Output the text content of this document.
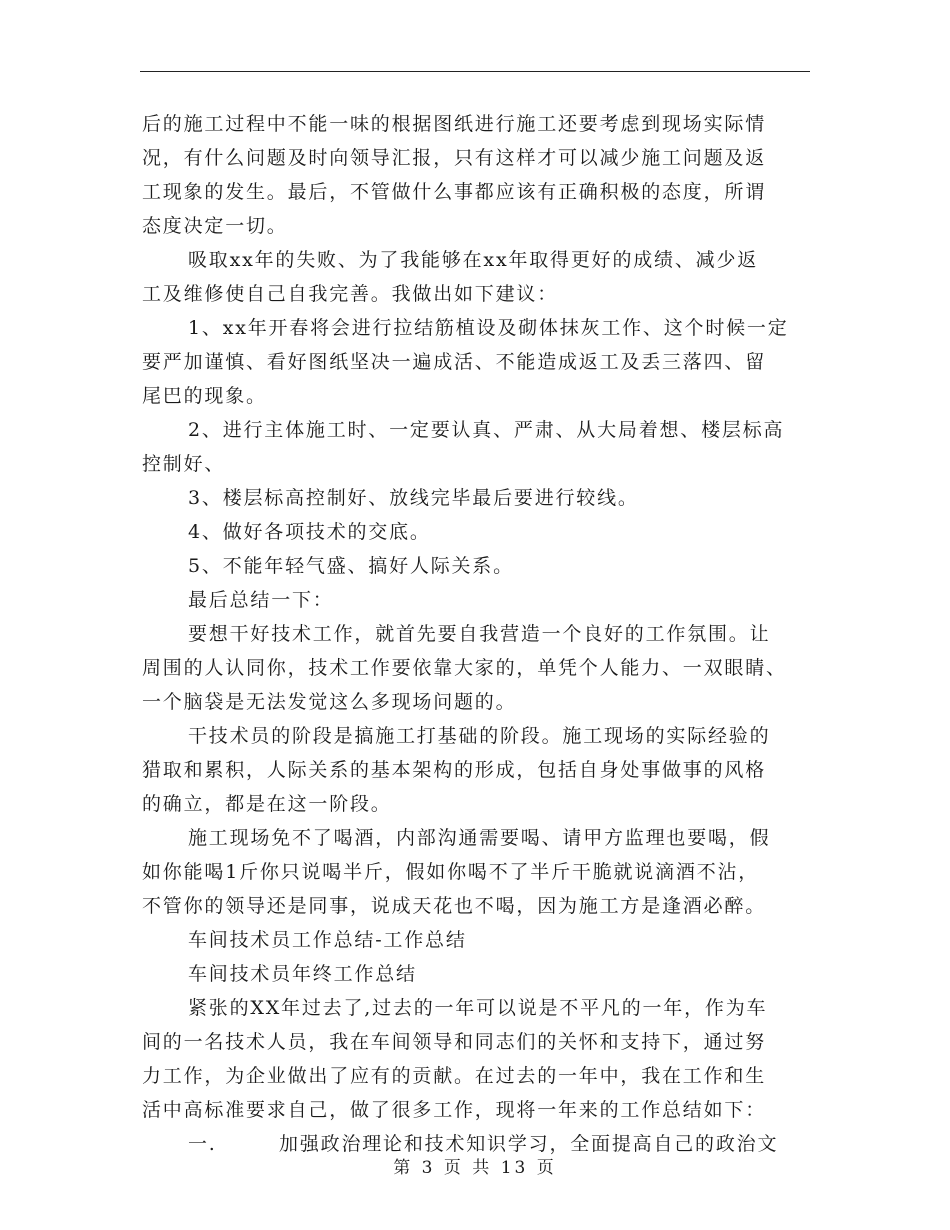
后的施工过程中不能一味的根据图纸进行施工还要考虑到现场实际情
况，有什么问题及时向领导汇报，只有这样才可以减少施工问题及返
工现象的发生。最后，不管做什么事都应该有正确积极的态度，所谓
态度决定一切。

吸取xx年的失败、为了我能够在xx年取得更好的成绩、减少返
工及维修使自己自我完善。我做出如下建议：

1、xx年开春将会进行拉结筋植设及砌体抹灰工作、这个时候一定
要严加谨慎、看好图纸坚决一遍成活、不能造成返工及丢三落四、留
尾巴的现象。

2、进行主体施工时、一定要认真、严肃、从大局着想、楼层标高
控制好、

3、楼层标高控制好、放线完毕最后要进行较线。

4、做好各项技术的交底。

5、不能年轻气盛、搞好人际关系。

最后总结一下：

要想干好技术工作，就首先要自我营造一个良好的工作氛围。让
周围的人认同你，技术工作要依靠大家的，单凭个人能力、一双眼睛、
一个脑袋是无法发觉这么多现场问题的。

干技术员的阶段是搞施工打基础的阶段。施工现场的实际经验的
猎取和累积，人际关系的基本架构的形成，包括自身处事做事的风格
的确立，都是在这一阶段。

施工现场免不了喝酒，内部沟通需要喝、请甲方监理也要喝，假
如你能喝1斤你只说喝半斤，假如你喝不了半斤干脆就说滴酒不沾，
不管你的领导还是同事，说成天花也不喝，因为施工方是逢酒必醉。

车间技术员工作总结-工作总结

车间技术员年终工作总结

紧张的XX年过去了,过去的一年可以说是不平凡的一年，作为车
间的一名技术人员，我在车间领导和同志们的关怀和支持下，通过努
力工作，为企业做出了应有的贡献。在过去的一年中，我在工作和生
活中高标准要求自己，做了很多工作，现将一年来的工作总结如下：

一.　　　加强政治理论和技术知识学习，全面提高自己的政治文

第 3 页 共 13 页
